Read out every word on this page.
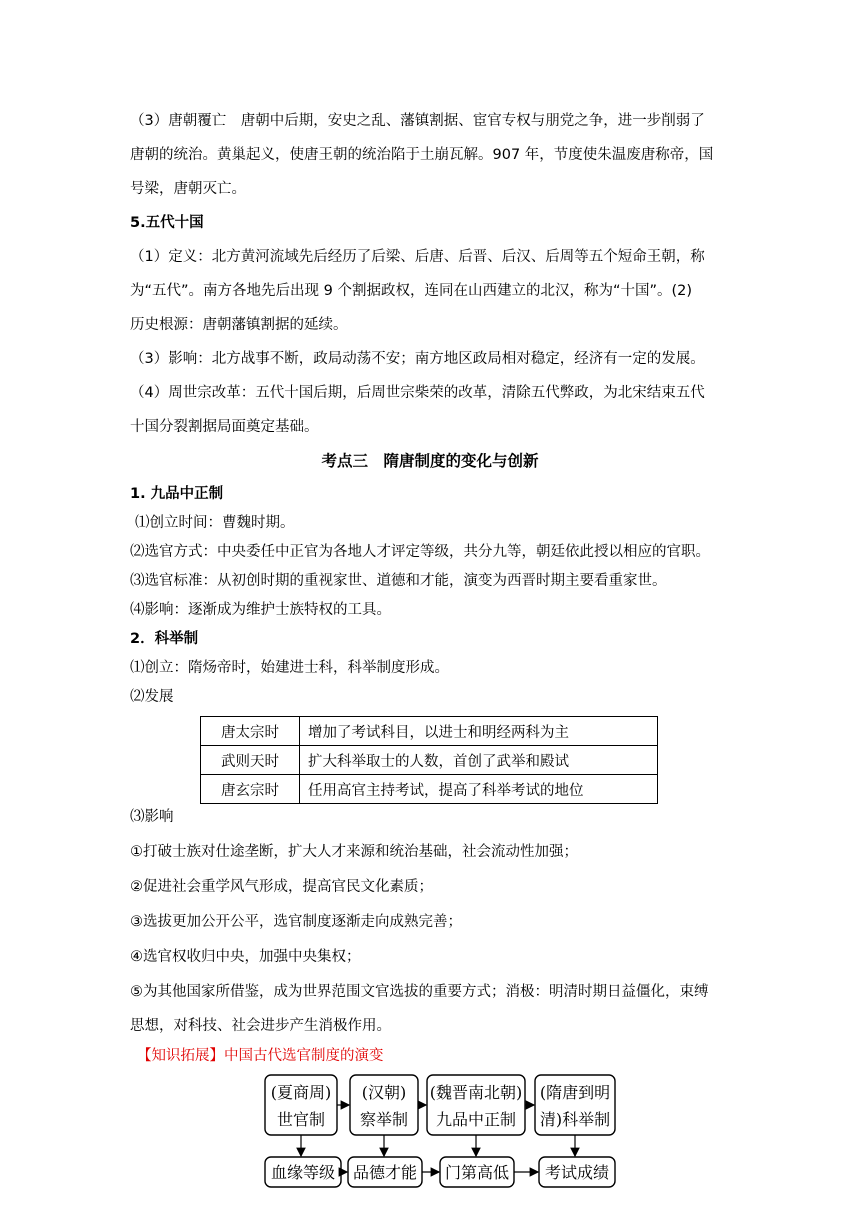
（3）唐朝覆亡　唐朝中后期，安史之乱、藩镇割据、宦官专权与朋党之争，进一步削弱了
唐朝的统治。黄巢起义，使唐王朝的统治陷于土崩瓦解。907 年，节度使朱温废唐称帝，国
号梁，唐朝灭亡。
5.五代十国
（1）定义：北方黄河流域先后经历了后梁、后唐、后晋、后汉、后周等五个短命王朝，称
为“五代”。南方各地先后出现 9 个割据政权，连同在山西建立的北汉，称为“十国”。(2)
历史根源：唐朝藩镇割据的延续。
（3）影响：北方战事不断，政局动荡不安；南方地区政局相对稳定，经济有一定的发展。
（4）周世宗改革：五代十国后期，后周世宗柴荣的改革，清除五代弊政，为北宋结束五代
十国分裂割据局面奠定基础。
考点三　隋唐制度的变化与创新
1. 九品中正制
⑴创立时间：曹魏时期。
⑵选官方式：中央委任中正官为各地人才评定等级，共分九等，朝廷依此授以相应的官职。
⑶选官标准：从初创时期的重视家世、道德和才能，演变为西晋时期主要看重家世。
⑷影响：逐渐成为维护士族特权的工具。
2．科举制
⑴创立：隋炀帝时，始建进士科，科举制度形成。
⑵发展
唐太宗时	增加了考试科目，以进士和明经两科为主
武则天时	扩大科举取士的人数，首创了武举和殿试
唐玄宗时	任用高官主持考试，提高了科举考试的地位
⑶影响
①打破士族对仕途垄断，扩大人才来源和统治基础，社会流动性加强；
②促进社会重学风气形成，提高官民文化素质；
③选拔更加公开公平，选官制度逐渐走向成熟完善；
④选官权收归中央，加强中央集权；
⑤为其他国家所借鉴，成为世界范围文官选拔的重要方式；消极：明清时期日益僵化，束缚
思想，对科技、社会进步产生消极作用。
【知识拓展】中国古代选官制度的演变
(夏商周)
世官制
(汉朝)
察举制
(魏晋南北朝)
九品中正制
(隋唐到明
清)科举制
血缘等级 品德才能 门第高低 考试成绩
